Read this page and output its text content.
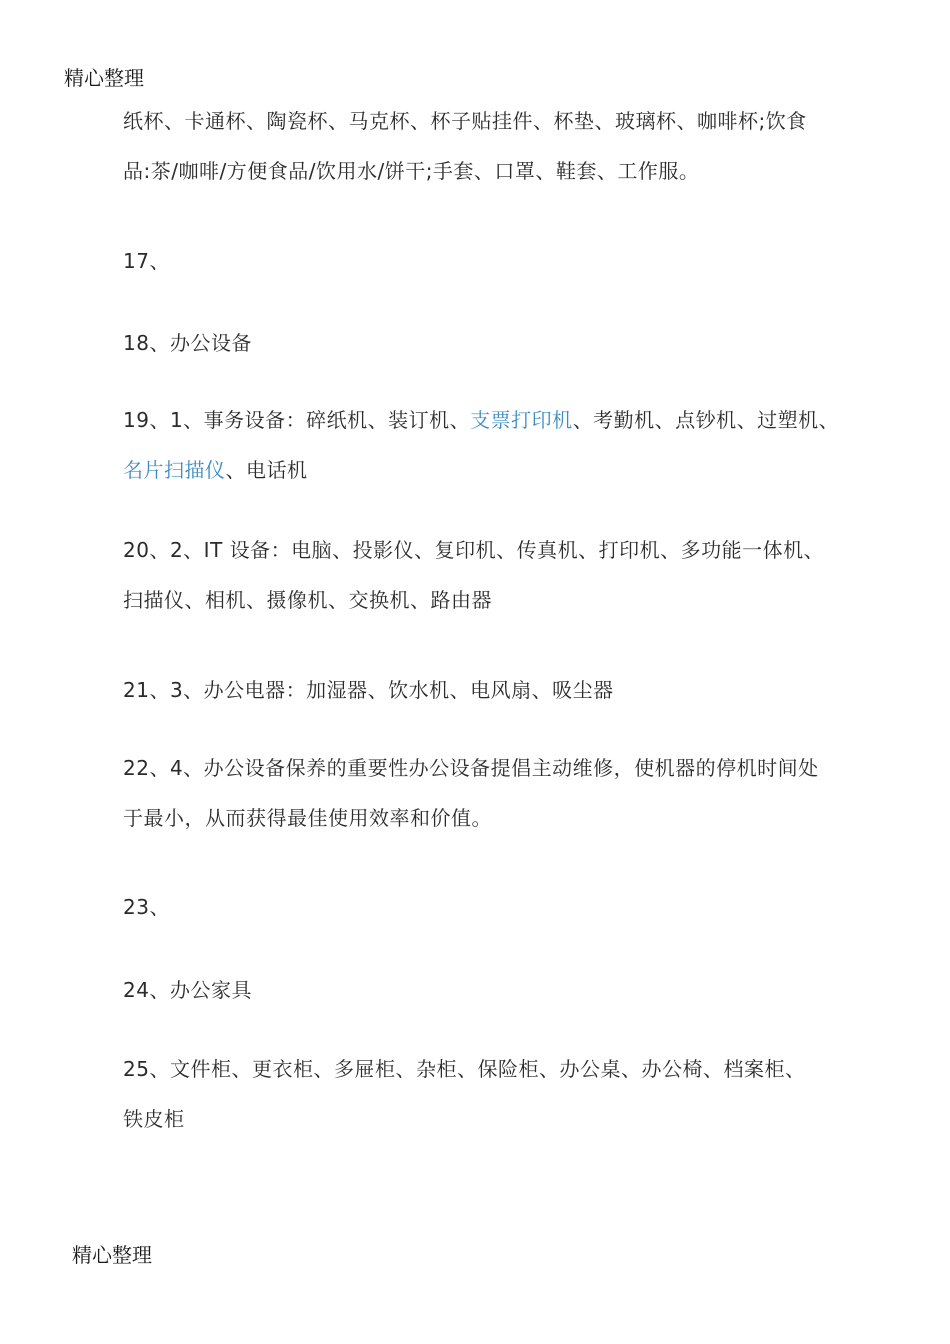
精心整理
纸杯、卡通杯、陶瓷杯、马克杯、杯子贴挂件、杯垫、玻璃杯、咖啡杯;饮食
品:茶/咖啡/方便食品/饮用水/饼干;手套、口罩、鞋套、工作服。
17、
18、办公设备
19、1、事务设备：碎纸机、装订机、支票打印机、考勤机、点钞机、过塑机、
名片扫描仪、电话机
20、2、IT 设备：电脑、投影仪、复印机、传真机、打印机、多功能一体机、
扫描仪、相机、摄像机、交换机、路由器
21、3、办公电器：加湿器、饮水机、电风扇、吸尘器
22、4、办公设备保养的重要性办公设备提倡主动维修，使机器的停机时间处
于最小，从而获得最佳使用效率和价值。
23、
24、办公家具
25、文件柜、更衣柜、多屉柜、杂柜、保险柜、办公桌、办公椅、档案柜、
铁皮柜
精心整理
